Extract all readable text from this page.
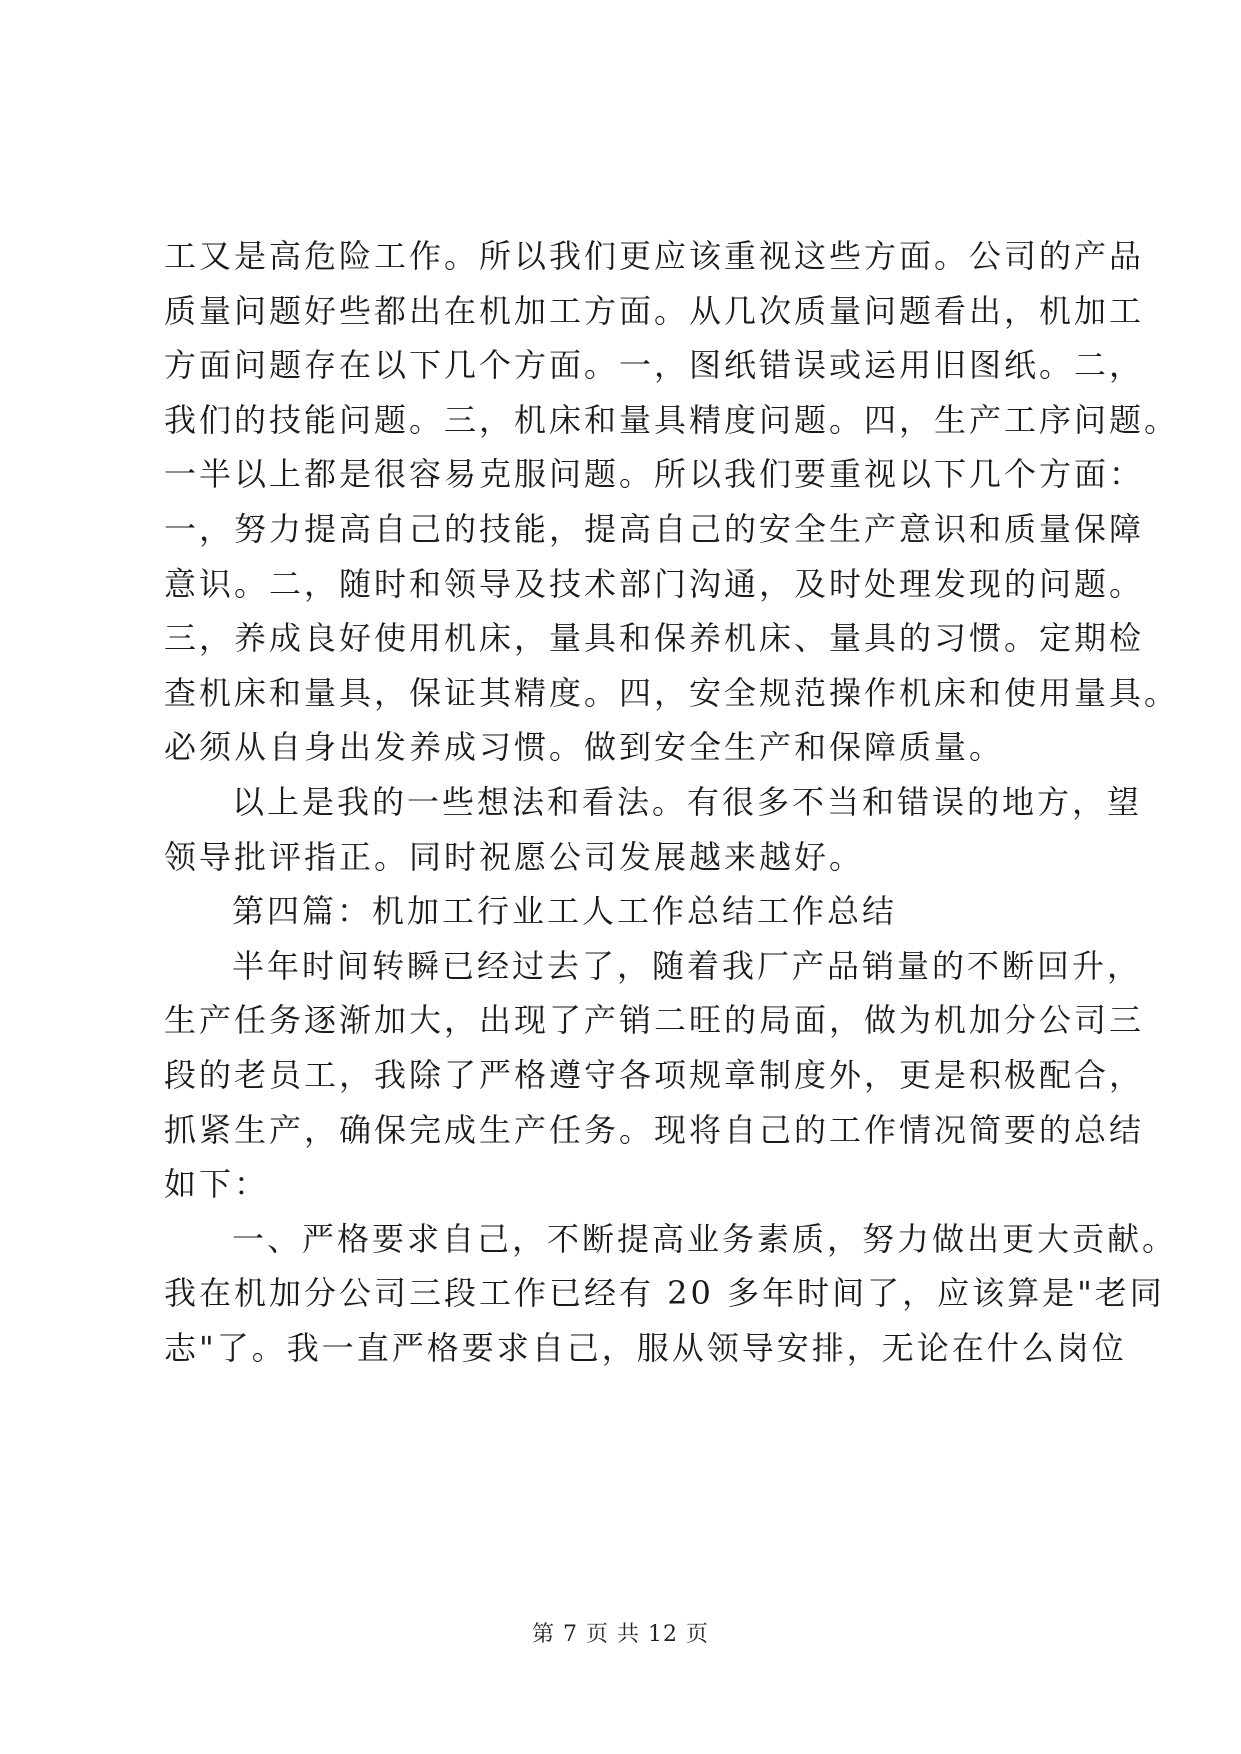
工又是高危险工作。所以我们更应该重视这些方面。公司的产品
质量问题好些都出在机加工方面。从几次质量问题看出，机加工
方面问题存在以下几个方面。一，图纸错误或运用旧图纸。二，
我们的技能问题。三，机床和量具精度问题。四，生产工序问题。
一半以上都是很容易克服问题。所以我们要重视以下几个方面：
一，努力提高自己的技能，提高自己的安全生产意识和质量保障
意识。二，随时和领导及技术部门沟通，及时处理发现的问题。
三，养成良好使用机床，量具和保养机床、量具的习惯。定期检
查机床和量具，保证其精度。四，安全规范操作机床和使用量具。
必须从自身出发养成习惯。做到安全生产和保障质量。
以上是我的一些想法和看法。有很多不当和错误的地方，望
领导批评指正。同时祝愿公司发展越来越好。
第四篇：机加工行业工人工作总结工作总结
半年时间转瞬已经过去了，随着我厂产品销量的不断回升，
生产任务逐渐加大，出现了产销二旺的局面，做为机加分公司三
段的老员工，我除了严格遵守各项规章制度外，更是积极配合，
抓紧生产，确保完成生产任务。现将自己的工作情况简要的总结
如下：
一、严格要求自己，不断提高业务素质，努力做出更大贡献。
我在机加分公司三段工作已经有 20 多年时间了，应该算是"老同
志"了。我一直严格要求自己，服从领导安排，无论在什么岗位
第 7 页 共 12 页
